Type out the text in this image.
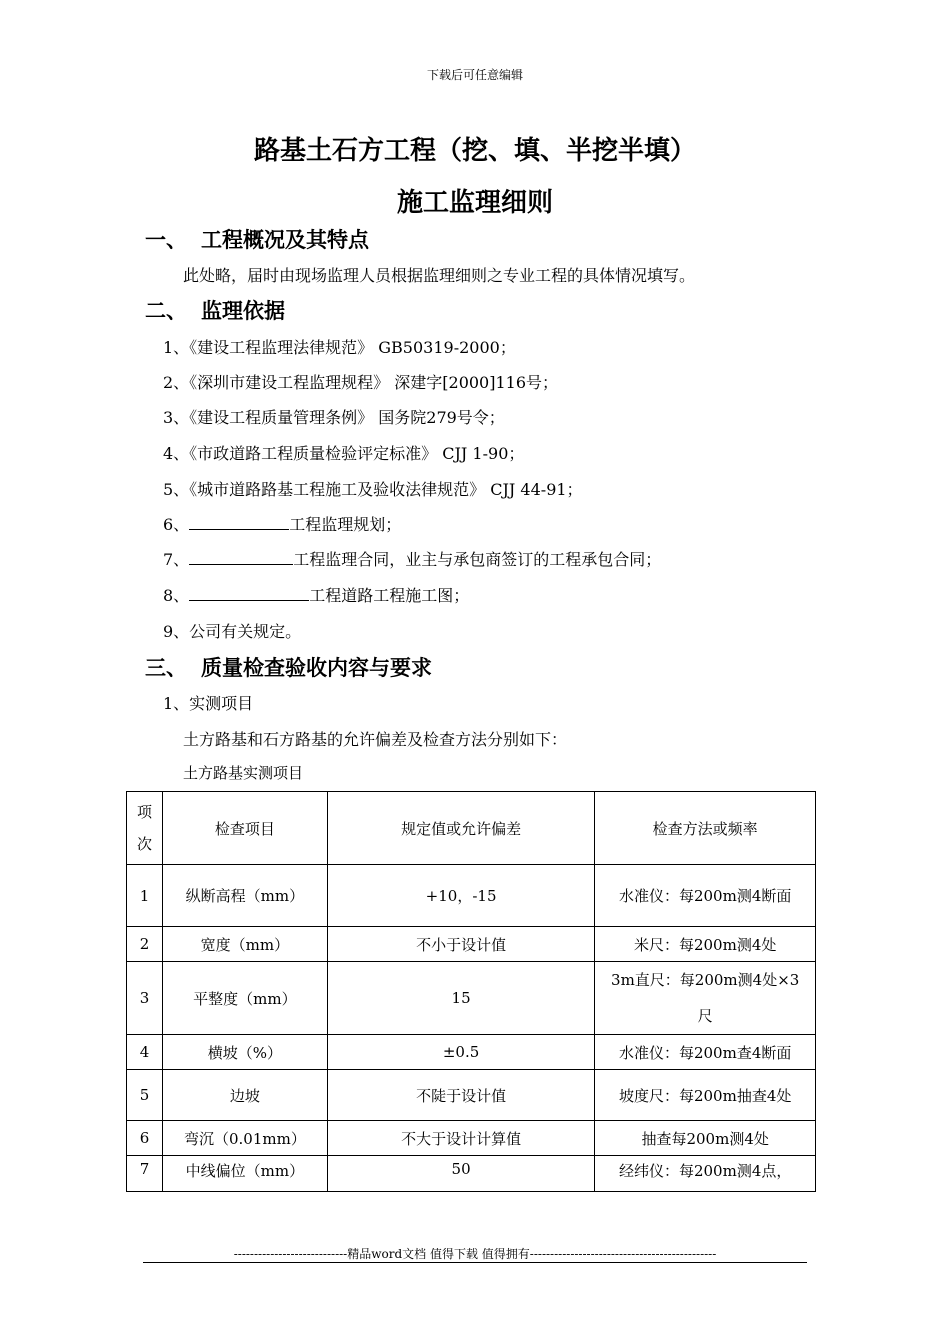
下载后可任意编辑
路基土石方工程（挖、填、半挖半填）
施工监理细则
一、 工程概况及其特点
此处略，届时由现场监理人员根据监理细则之专业工程的具体情况填写。
二、 监理依据
1、《建设工程监理法律规范》 GB50319-2000；
2、《深圳市建设工程监理规程》 深建字[2000]116号；
3、《建设工程质量管理条例》 国务院279号令；
4、《市政道路工程质量检验评定标准》 CJJ 1-90；
5、《城市道路路基工程施工及验收法律规范》 CJJ 44-91；
6、	工程监理规划；
7、	工程监理合同，业主与承包商签订的工程承包合同；
8、	工程道路工程施工图；
9、公司有关规定。
三、 质量检查验收内容与要求
1、实测项目
土方路基和石方路基的允许偏差及检查方法分别如下：
土方路基实测项目
项次	检查项目	规定值或允许偏差	检查方法或频率
1	纵断高程（mm）	+10，-15	水准仪：每200m测4断面
2	宽度（mm）	不小于设计值	米尺：每200m测4处
3	平整度（mm）	15	3m直尺：每200m测4处×3尺
4	横坡（%）	±0.5	水准仪：每200m查4断面
5	边坡	不陡于设计值	坡度尺：每200m抽查4处
6	弯沉（0.01mm）	不大于设计计算值	抽查每200m测4处
7	中线偏位（mm）	50	经纬仪：每200m测4点，
----------------------------精品word文档 值得下载 值得拥有----------------------------------------------
